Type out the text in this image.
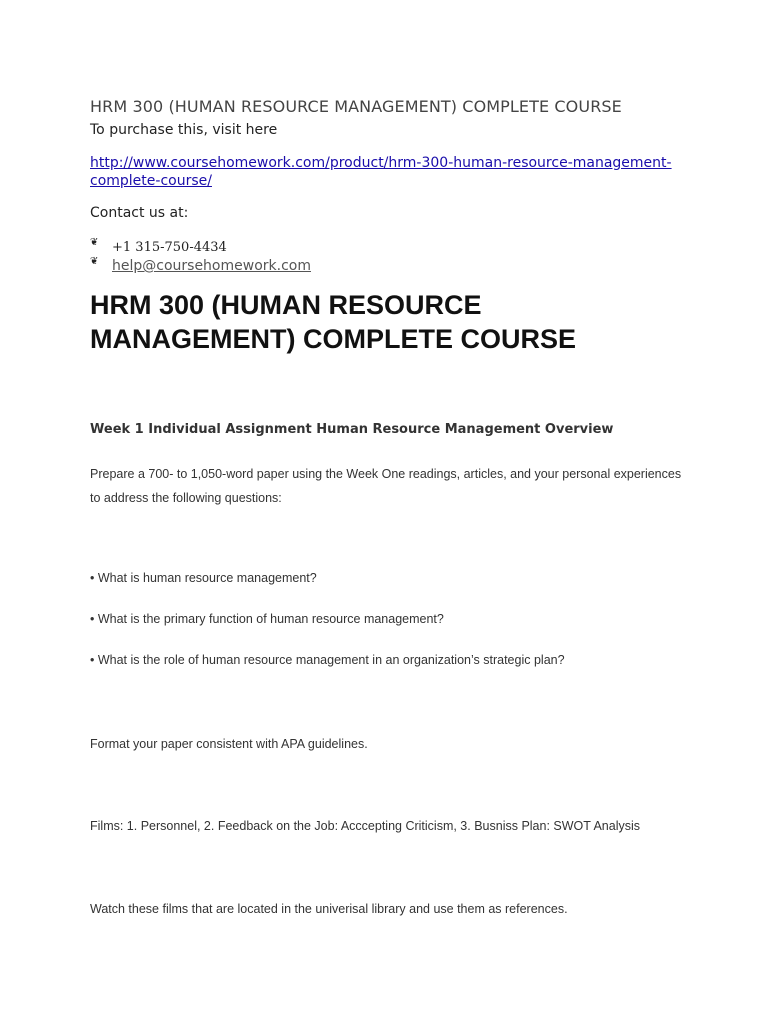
HRM 300 (HUMAN RESOURCE MANAGEMENT) COMPLETE COURSE
To purchase this, visit here
http://www.coursehomework.com/product/hrm-300-human-resource-management-complete-course/
Contact us at:
❦ +1 315-750-4434
❦ help@coursehomework.com
HRM 300 (HUMAN RESOURCE MANAGEMENT) COMPLETE COURSE
Week 1 Individual Assignment Human Resource Management Overview
Prepare a 700- to 1,050-word paper using the Week One readings, articles, and your personal experiences to address the following questions:
• What is human resource management?
• What is the primary function of human resource management?
• What is the role of human resource management in an organization’s strategic plan?
Format your paper consistent with APA guidelines.
Films: 1. Personnel, 2. Feedback on the Job: Acccepting Criticism, 3. Busniss Plan: SWOT Analysis
Watch these films that are located in the univerisal library and use them as references.
